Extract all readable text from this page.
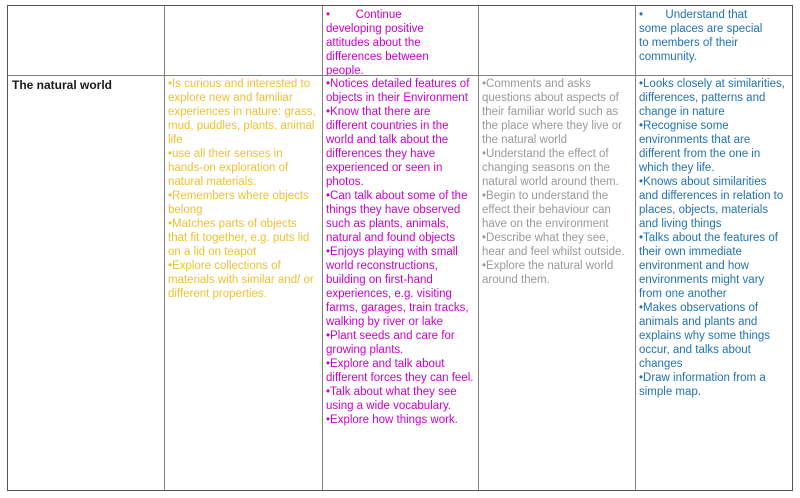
•        Continue developing positive attitudes about the differences between people.
•       Understand that some places are special to members of their community.
The natural world	•Is curious and interested to explore new and familiar experiences in nature: grass, mud, puddles, plants, animal life
•use all their senses in hands-on exploration of natural materials.
•Remembers where objects belong
•Matches parts of objects that fit together, e.g. puts lid on a lid on teapot
•Explore collections of materials with similar and/ or different properties.
•Notices detailed features of objects in their Environment
•Know that there are different countries in the world and talk about the differences they have experienced or seen in photos.
•Can talk about some of the things they have observed such as plants, animals, natural and found objects
•Enjoys playing with small world reconstructions, building on first-hand experiences, e.g. visiting farms, garages, train tracks, walking by river or lake
•Plant seeds and care for growing plants.
•Explore and talk about different forces they can feel.
•Talk about what they see using a wide vocabulary.
•Explore how things work.
•Comments and asks questions about aspects of their familiar world such as the place where they live or the natural world
•Understand the effect of changing seasons on the natural world around them.
•Begin to understand the effect their behaviour can have on the environment
•Describe what they see, hear and feel whilst outside.
•Explore the natural world around them.
•Looks closely at similarities, differences, patterns and change in nature
•Recognise some environments that are different from the one in which they life.
•Knows about similarities and differences in relation to places, objects, materials and living things
•Talks about the features of their own immediate environment and how environments might vary from one another
•Makes observations of animals and plants and explains why some things occur, and talks about changes
•Draw information from a simple map.
